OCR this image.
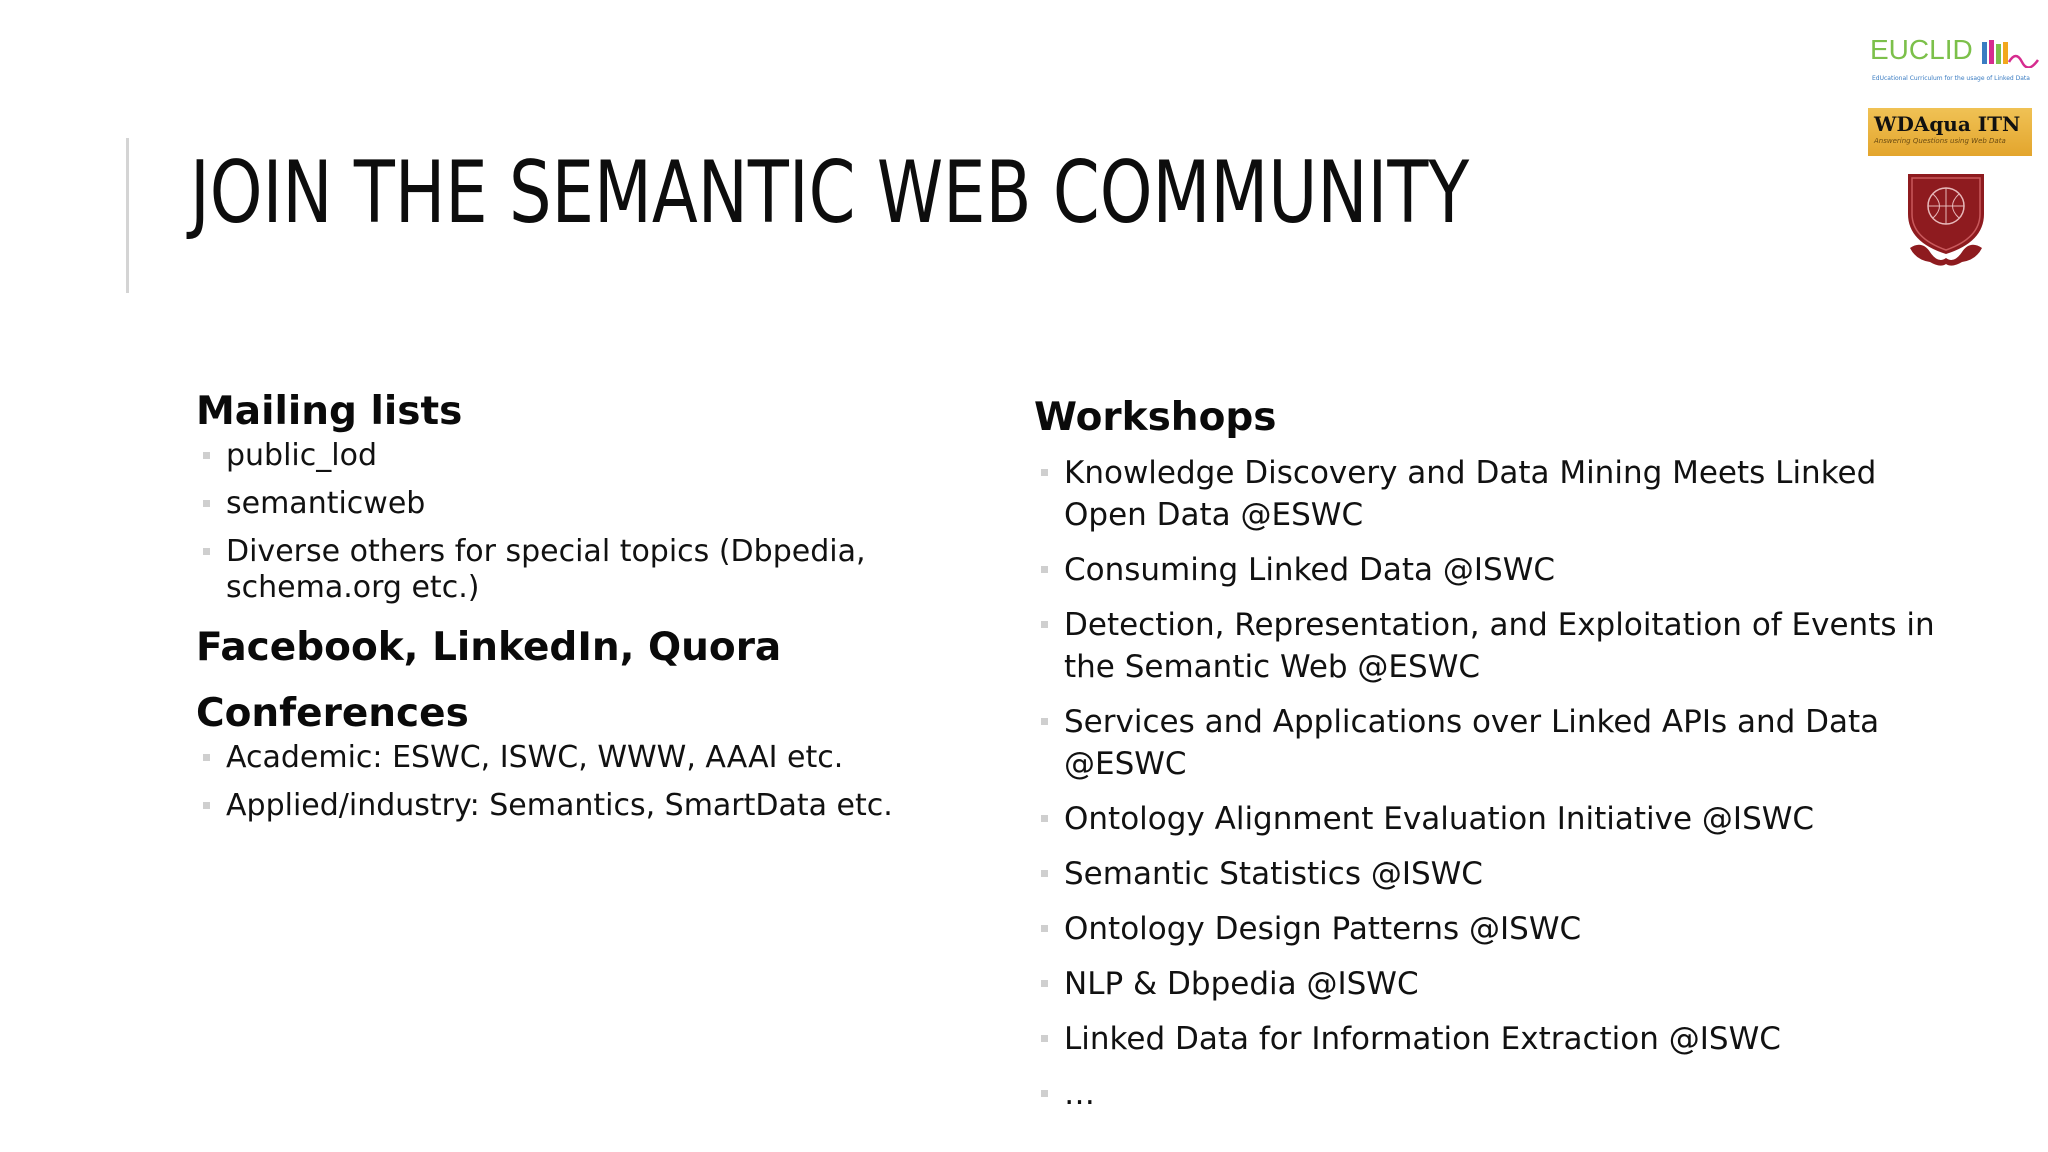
JOIN THE SEMANTIC WEB COMMUNITY
EUCLID
EdUcational Curriculum for the usage of Linked Data
WDAqua ITN
Answering Questions using Web Data
Mailing lists
public_lod
semanticweb
Diverse others for special topics (Dbpedia, schema.org etc.)
Facebook, LinkedIn, Quora
Conferences
Academic: ESWC, ISWC, WWW, AAAI etc.
Applied/industry: Semantics, SmartData etc.
Workshops
Knowledge Discovery and Data Mining Meets Linked Open Data @ESWC
Consuming Linked Data @ISWC
Detection, Representation, and Exploitation of Events in the Semantic Web @ESWC
Services and Applications over Linked APIs and Data @ESWC
Ontology Alignment Evaluation Initiative @ISWC
Semantic Statistics @ISWC
Ontology Design Patterns @ISWC
NLP & Dbpedia @ISWC
Linked Data for Information Extraction @ISWC
…
